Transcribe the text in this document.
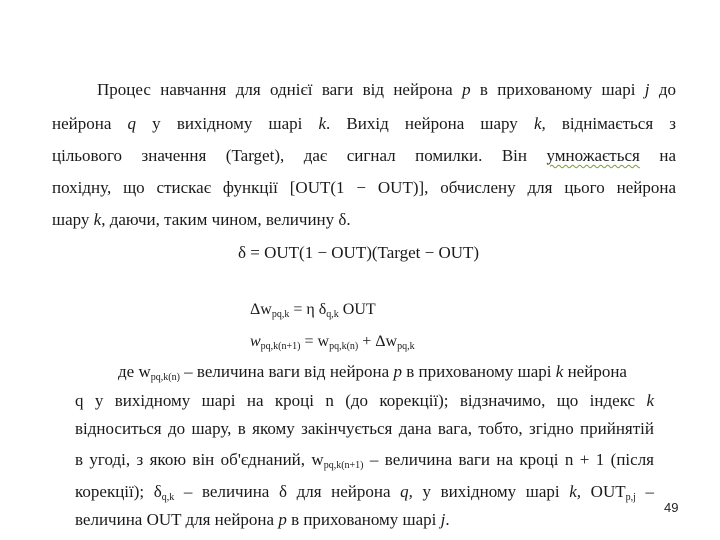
Процес навчання для однієї ваги від нейрона p в прихованому шарі j до
нейрона q у вихідному шарі k. Вихід нейрона шару k, віднімається з
цільового значення (Target), дає сигнал помилки. Він умножається на
похідну, що стискає функції [OUT(1 − OUT)], обчислену для цього нейрона
шару k, даючи, таким чином, величину δ.
δ = OUT(1 − OUT)(Target − OUT)
$\Delta w_{pq,k} = \eta$ $\delta_{q,k}$ OUT
$w_{pq,k(n+1)} = w_{pq,k(n)} + \Delta w_{pq,k}$
де $w_{pq,k(n)}$ – величина ваги від нейрона p в прихованому шарі k нейрона
q у вихідному шарі на кроці n (до корекції); відзначимо, що індекс k
відноситься до шару, в якому закінчується дана вага, тобто, згідно прийнятій
в угоді, з якою він об'єднаний, $w_{pq,k(n+1)}$ – величина ваги на кроці n + 1 (після
корекції); $\delta_{q,k}$ – величина δ для нейрона q, у вихідному шарі k, $OUT_{p,j}$ –
величина OUT для нейрона p в прихованому шарі j.
49
